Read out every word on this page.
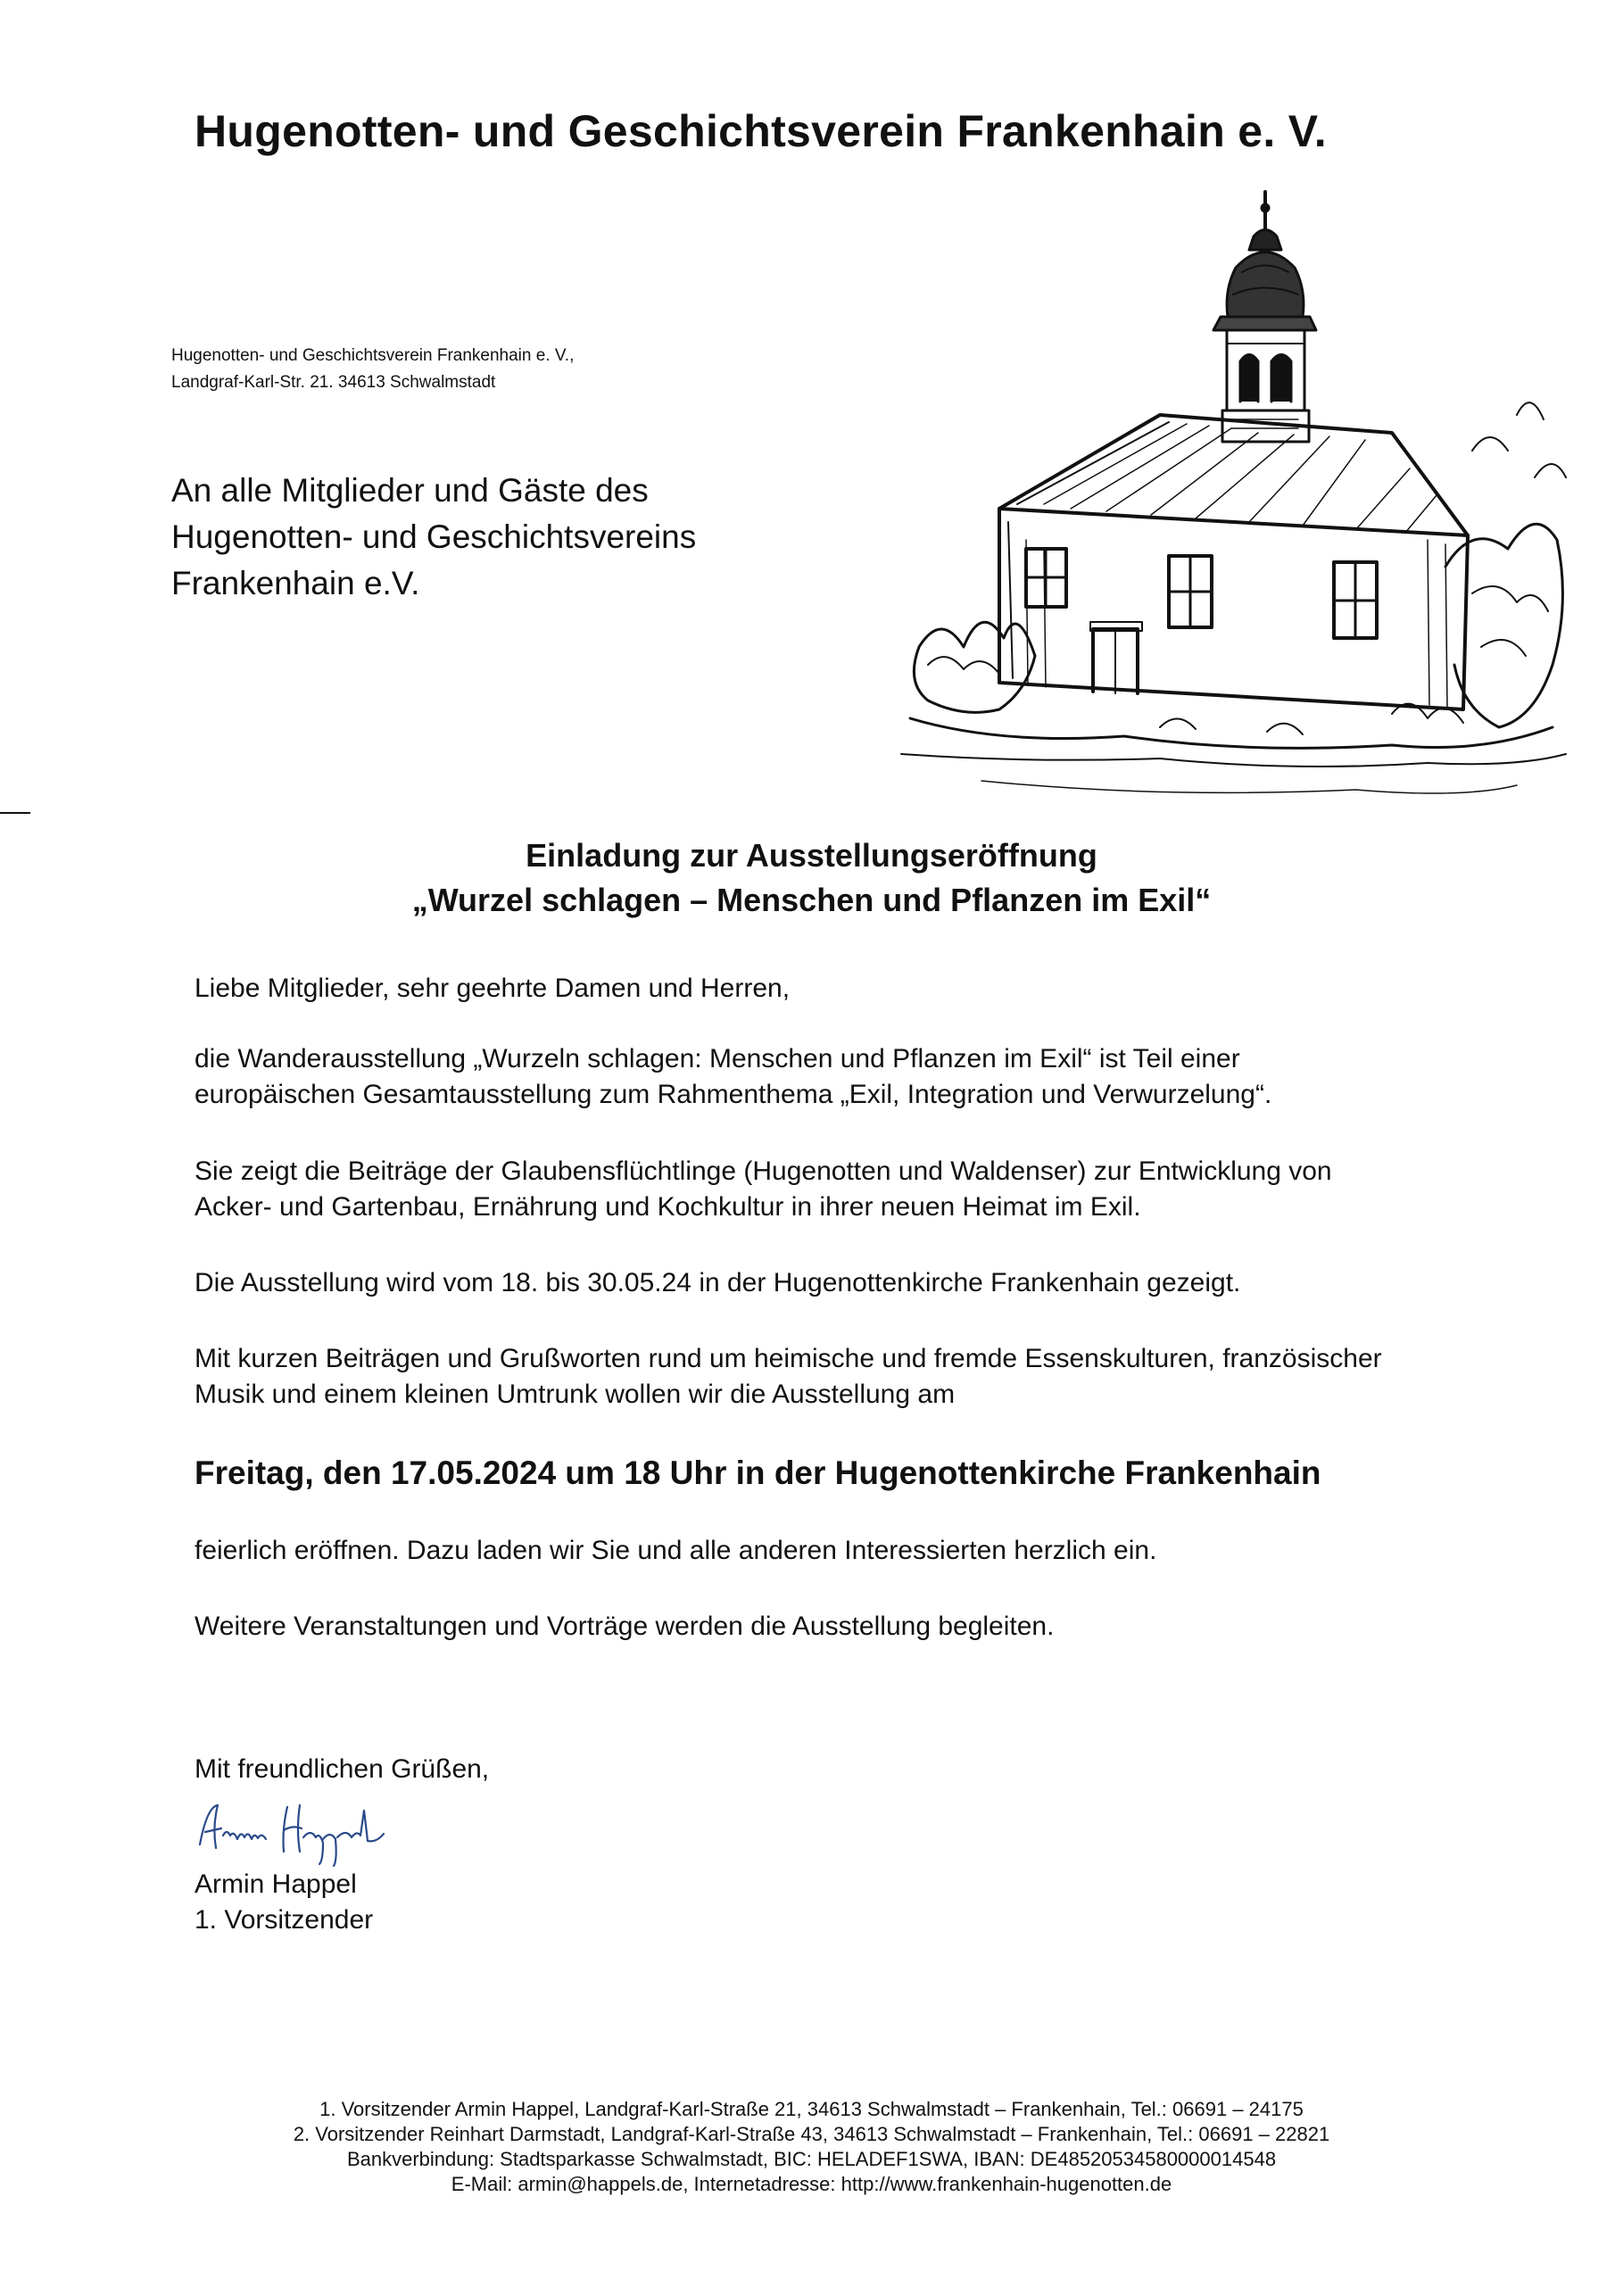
Hugenotten- und Geschichtsverein Frankenhain e. V.
Hugenotten- und Geschichtsverein Frankenhain e. V.,
Landgraf-Karl-Str. 21. 34613 Schwalmstadt
An alle Mitglieder und Gäste des
Hugenotten- und Geschichtsvereins
Frankenhain e.V.
Einladung zur Ausstellungseröffnung
„Wurzel schlagen – Menschen und Pflanzen im Exil“
Liebe Mitglieder, sehr geehrte Damen und Herren,
die Wanderausstellung „Wurzeln schlagen: Menschen und Pflanzen im Exil“ ist Teil einer
europäischen Gesamtausstellung zum Rahmenthema „Exil, Integration und Verwurzelung“.
Sie zeigt die Beiträge der Glaubensflüchtlinge (Hugenotten und Waldenser) zur Entwicklung von
Acker- und Gartenbau, Ernährung und Kochkultur in ihrer neuen Heimat im Exil.
Die Ausstellung wird vom 18. bis 30.05.24 in der Hugenottenkirche Frankenhain gezeigt.
Mit kurzen Beiträgen und Grußworten rund um heimische und fremde Essenskulturen, französischer
Musik und einem kleinen Umtrunk wollen wir die Ausstellung am
Freitag, den 17.05.2024 um 18 Uhr in der Hugenottenkirche Frankenhain
feierlich eröffnen. Dazu laden wir Sie und alle anderen Interessierten herzlich ein.
Weitere Veranstaltungen und Vorträge werden die Ausstellung begleiten.
Mit freundlichen Grüßen,
Armin Happel
1. Vorsitzender
1. Vorsitzender Armin Happel, Landgraf-Karl-Straße 21, 34613 Schwalmstadt – Frankenhain, Tel.: 06691 – 24175
2. Vorsitzender Reinhart Darmstadt, Landgraf-Karl-Straße 43, 34613 Schwalmstadt – Frankenhain, Tel.: 06691 – 22821
Bankverbindung: Stadtsparkasse Schwalmstadt, BIC: HELADEF1SWA, IBAN: DE48520534580000014548
E-Mail: armin@happels.de, Internetadresse: http://www.frankenhain-hugenotten.de
